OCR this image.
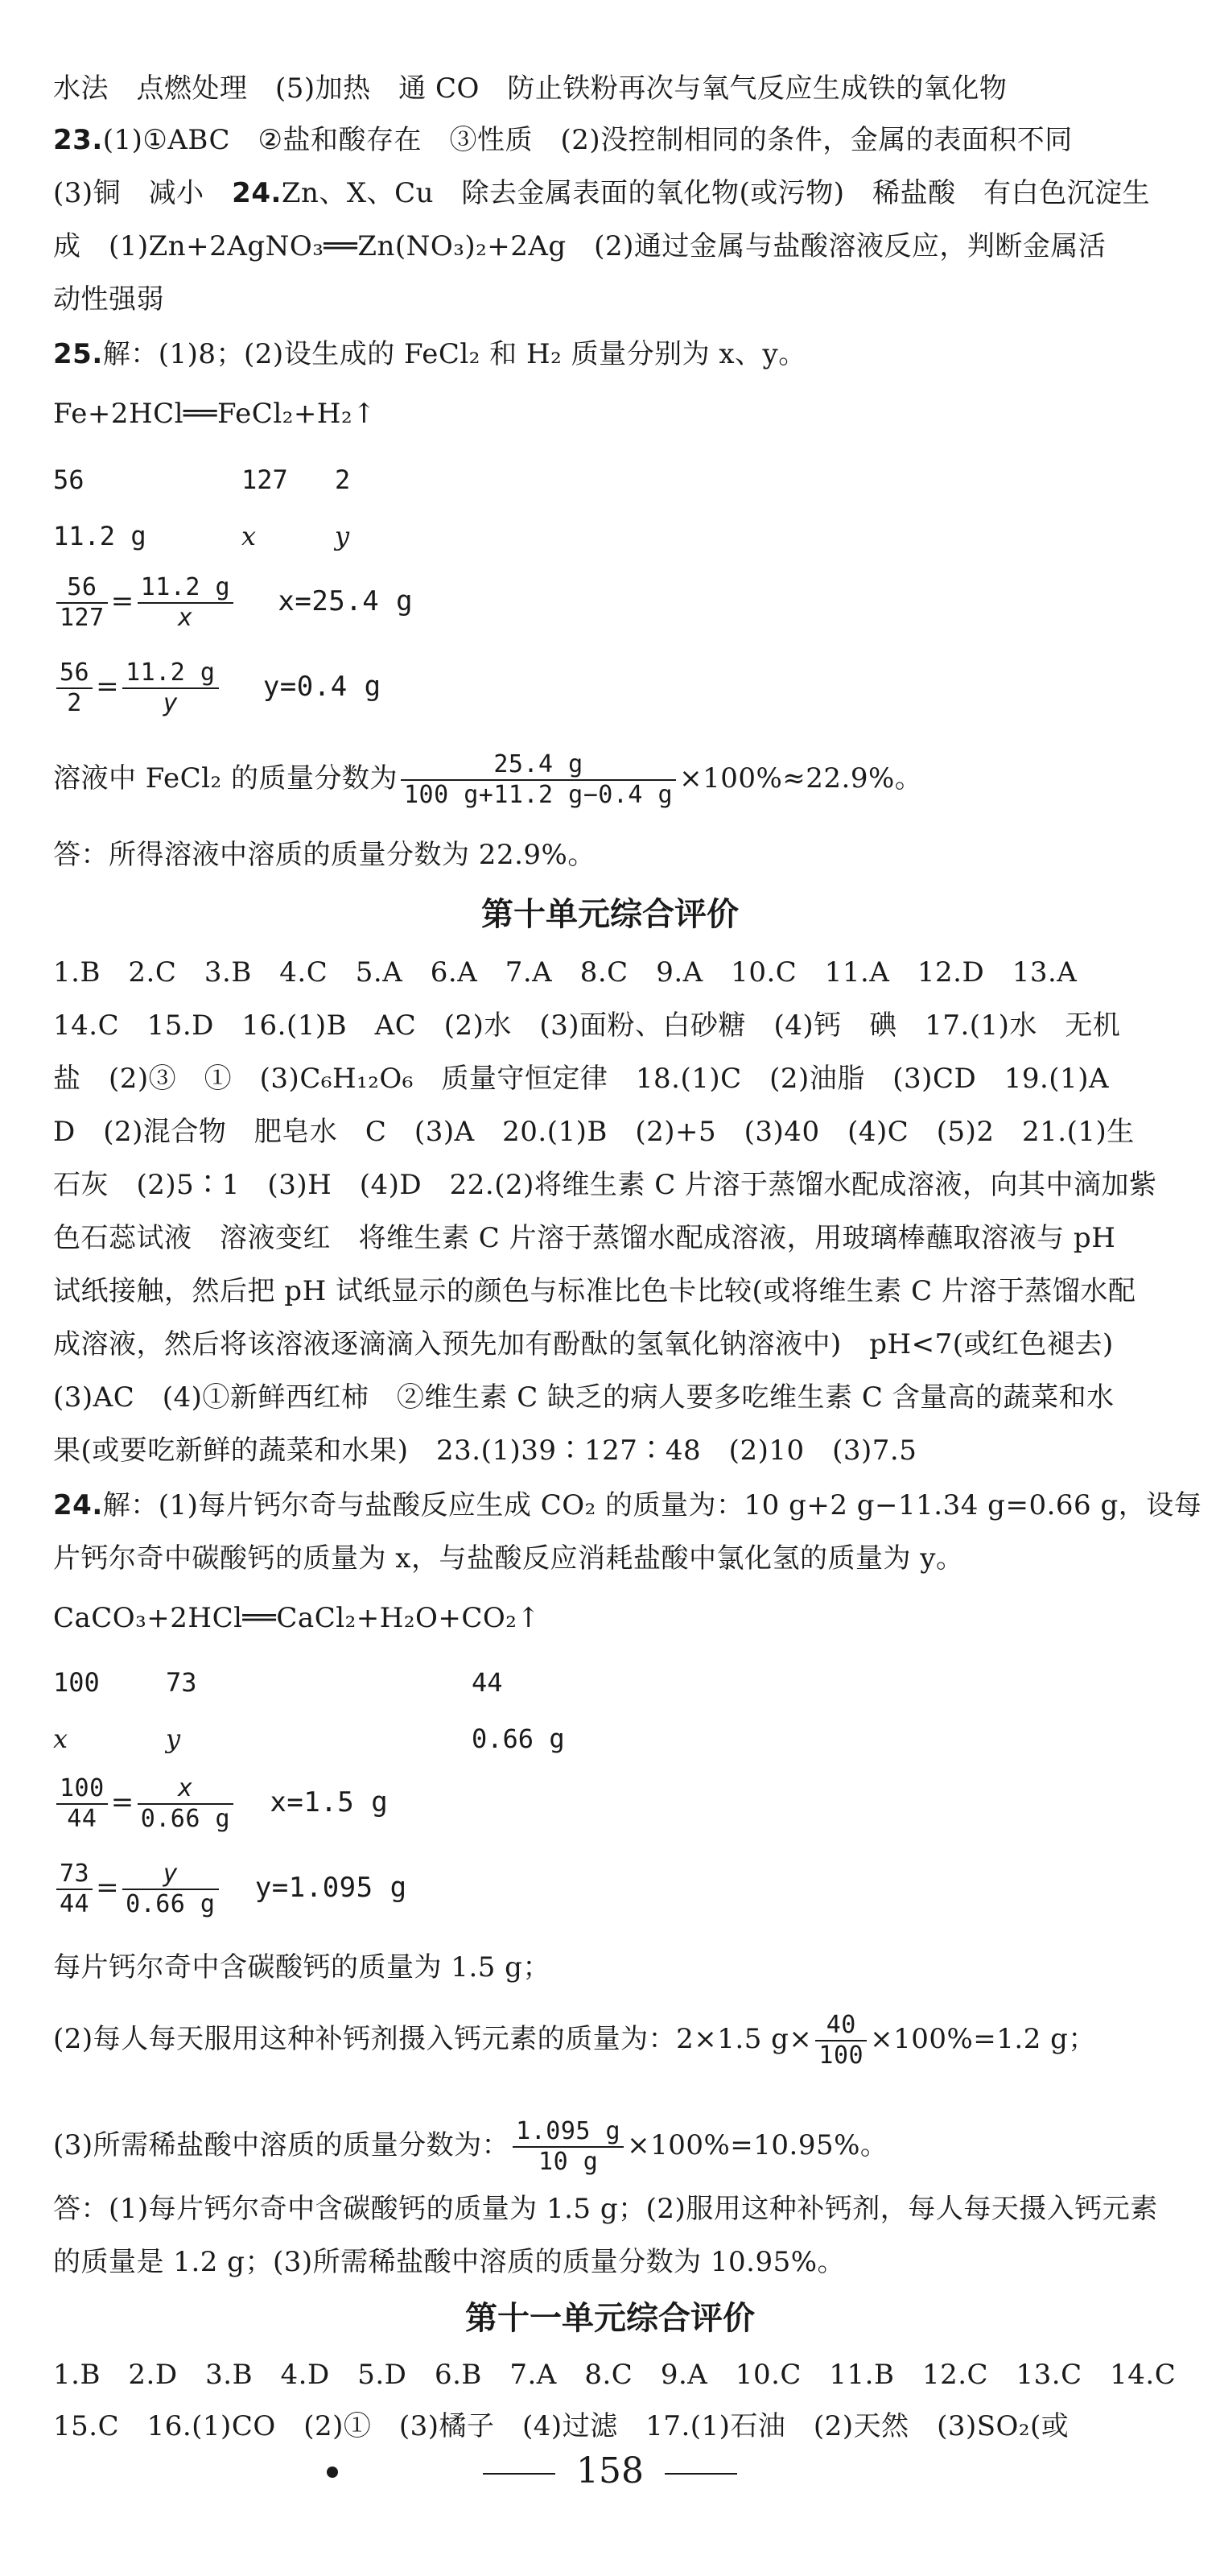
水法　点燃处理　(5)加热　通 CO　防止铁粉再次与氧气反应生成铁的氧化物
23.(1)①ABC　②盐和酸存在　③性质　(2)没控制相同的条件，金属的表面积不同
(3)铜　减小　24.Zn、X、Cu　除去金属表面的氧化物(或污物)　稀盐酸　有白色沉淀生
成　(1)Zn+2AgNO₃══Zn(NO₃)₂+2Ag　(2)通过金属与盐酸溶液反应，判断金属活
动性强弱
25.解：(1)8；(2)设生成的 FeCl₂ 和 H₂ 质量分别为 x、y。
Fe+2HCl══FeCl₂+H₂↑
56	127 2
11.2 g	x	y
$\frac{56}{127} = \frac{11.2 g}{x} x=25.4$ g
$\frac{56}{2} = \frac{11.2 g}{y} y=0.4$ g
溶液中 FeCl₂ 的质量分数为 $\frac{25.4 g}{100 g+11.2 g-0.4 g} \times 100\%\approx 22.9\%$。
答：所得溶液中溶质的质量分数为 22.9%。
第十单元综合评价
1.B　2.C　3.B　4.C　5.A　6.A　7.A　8.C　9.A　10.C　11.A　12.D　13.A
14.C　15.D　16.(1)B　AC　(2)水　(3)面粉、白砂糖　(4)钙　碘　17.(1)水　无机
盐　(2)③　①　(3)C₆H₁₂O₆　质量守恒定律　18.(1)C　(2)油脂　(3)CD　19.(1)A
D　(2)混合物　肥皂水　C　(3)A　20.(1)B　(2)+5　(3)40　(4)C　(5)2　21.(1)生
石灰　(2)5∶1　(3)H　(4)D　22.(2)将维生素 C 片溶于蒸馏水配成溶液，向其中滴加紫
色石蕊试液　溶液变红　将维生素 C 片溶于蒸馏水配成溶液，用玻璃棒蘸取溶液与 pH
试纸接触，然后把 pH 试纸显示的颜色与标准比色卡比较(或将维生素 C 片溶于蒸馏水配
成溶液，然后将该溶液逐滴滴入预先加有酚酞的氢氧化钠溶液中)　pH<7(或红色褪去)
(3)AC　(4)①新鲜西红柿　②维生素 C 缺乏的病人要多吃维生素 C 含量高的蔬菜和水
果(或要吃新鲜的蔬菜和水果)　23.(1)39∶127∶48　(2)10　(3)7.5
24.解：(1)每片钙尔奇与盐酸反应生成 CO₂ 的质量为：10 g+2 g−11.34 g=0.66 g，设每
片钙尔奇中碳酸钙的质量为 x，与盐酸反应消耗盐酸中氯化氢的质量为 y。
CaCO₃+2HCl══CaCl₂+H₂O+CO₂↑
100	73	44
x	y	0.66 g
$\frac{100}{44} = \frac{x}{0.66 g} x=1.5$ g
$\frac{73}{44} = \frac{y}{0.66 g} y=1.095$ g
每片钙尔奇中含碳酸钙的质量为 1.5 g；
(2)每人每天服用这种补钙剂摄入钙元素的质量为：2×1.5 $g\times \frac{40}{100} \times 100\%=1.2$ g；
(3)所需稀盐酸中溶质的质量分数为： $\frac{1.095 g}{10 g} \times 100\%=10.95\%$。
答：(1)每片钙尔奇中含碳酸钙的质量为 1.5 g；(2)服用这种补钙剂，每人每天摄入钙元素
的质量是 1.2 g；(3)所需稀盐酸中溶质的质量分数为 10.95%。
第十一单元综合评价
1.B　2.D　3.B　4.D　5.D　6.B　7.A　8.C　9.A　10.C　11.B　12.C　13.C　14.C
15.C　16.(1)CO　(2)①　(3)橘子　(4)过滤　17.(1)石油　(2)天然　(3)SO₂(或
158
